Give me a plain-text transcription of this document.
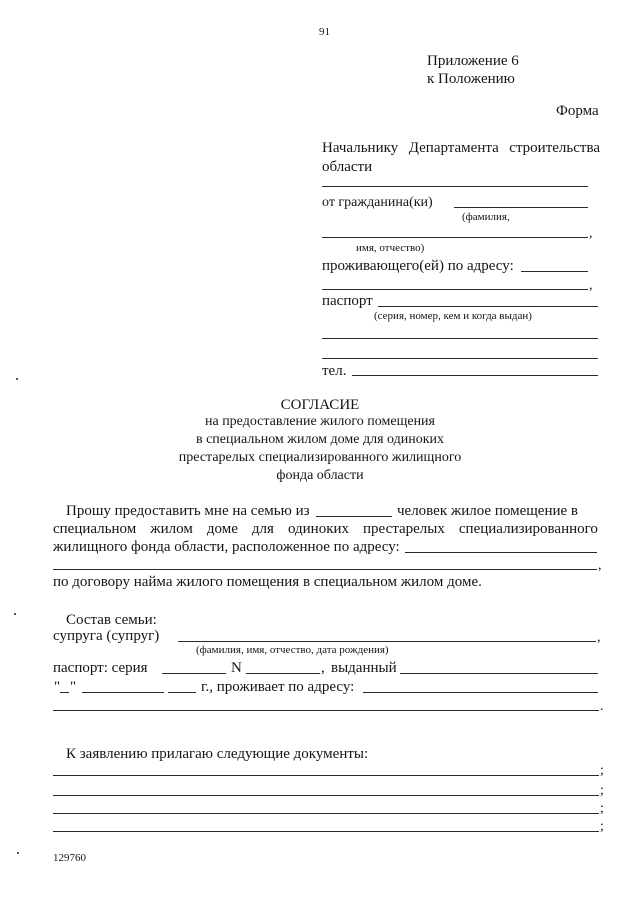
91
Приложение 6
к Положению
Форма
Начальнику Департамента строительства
области
от гражданина(ки)
(фамилия,
,
имя, отчество)
проживающего(ей) по адресу:
,
паспорт
(серия, номер, кем и когда выдан)
тел.
СОГЛАСИЕ
на предоставление жилого помещения
в специальном жилом доме для одиноких
престарелых специализированного жилищного
фонда области
Прошу предоставить мне на семью из	человек жилое помещение в
специальном жилом доме для одиноких престарелых специализированного
жилищного фонда области, расположенное по адресу:
,
по договору найма жилого помещения в специальном жилом доме.
Состав семьи:
супруга (супруг)	,
(фамилия, имя, отчество, дата рождения)
паспорт: серия	N	, выданный
" "	г., проживает по адресу:
.
К заявлению прилагаю следующие документы:
;
;
;
;
129760
